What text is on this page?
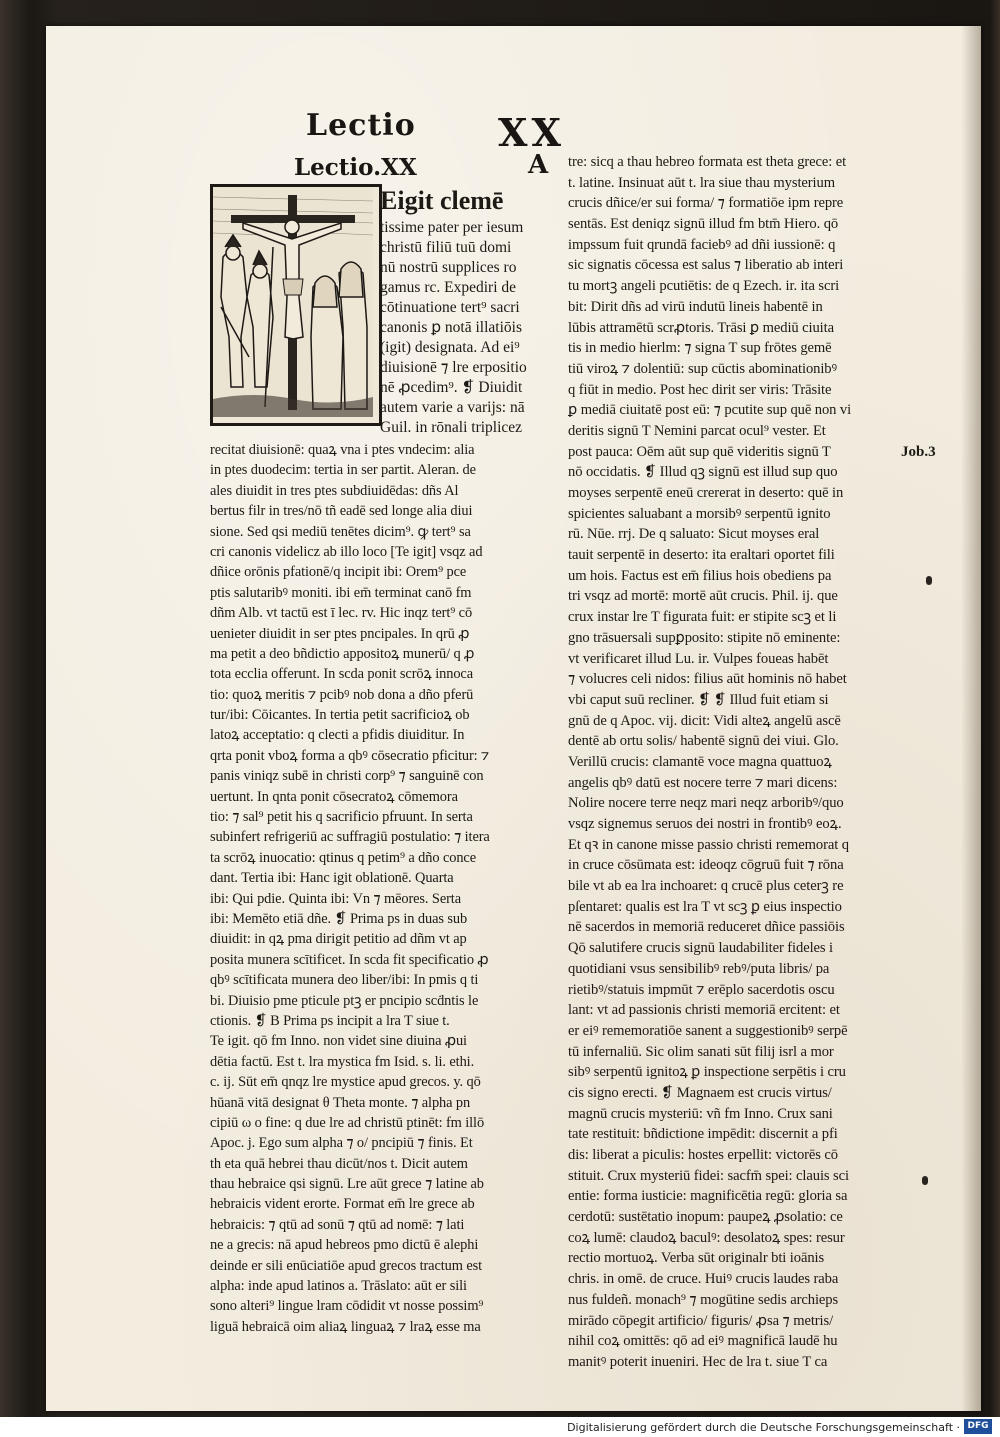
Lectio XX
Lectio.XX	A
Eigit clemē
tissime pater per iesum
christū filiū tuū domi
nū nostrū supplices ro
gamus rc. Expediri de
cōtinuatione tert⁹ sacri
canonis ꝑ notā illatiōis
(igit) designata. Ad ei⁹
diuisionē ⁊ lre erpositio
nē ꝓcedim⁹. ❡ Diuidit
autem varie a varijs: nā
Guil. in rōnali triplicez
recitat diuisionē: quaꝝ vna i ptes vndecim: alia
in ptes duodecim: tertia in ser partit. Aleran. de
ales diuidit in tres ptes subdiuidēdas: dñs Al
bertus filr in tres/nō tñ eadē sed longe alia diui
sione. Sed qsi mediū tenētes dicim⁹. ꝙ tert⁹ sa
cri canonis videlicz ab illo loco [Te igit] vsqz ad
dñice orōnis pfationē/q incipit ibi: Orem⁹ pce
ptis salutaribꝰ moniti. ibi em̄ terminat canō fm
dñm Alb. vt tactū est ī lec. rv. Hic inqz tert⁹ cō
uenieter diuidit in ser ptes pncipales. In qrū ꝓ
ma petit a deo bñdictio appositoꝝ munerū/ q ꝓ
tota ecclia offerunt. In scda ponit scrōꝝ innoca
tio: quoꝝ meritis ⁊ pcibꝰ nob dona a dño pferū
tur/ibi: Cōicantes. In tertia petit sacrificioꝝ ob
latoꝝ acceptatio: q clecti a pfidis diuiditur. In
qrta ponit vboꝝ forma a qbꝰ cōsecratio pficitur: ⁊
panis viniqz subē in christi corp⁹ ⁊ sanguinē con
uertunt. In qnta ponit cōsecratoꝝ cōmemora
tio: ⁊ sal⁹ petit his q sacrificio pfruunt. In serta
subinfert refrigeriū ac suffragiū postulatio: ⁊ itera
ta scrōꝝ inuocatio: qtinus q petim⁹ a dño conce
dant. Tertia ibi: Hanc igit oblationē. Quarta
ibi: Qui pdie. Quinta ibi: Vn ⁊ mēores. Serta
ibi: Memēto etiā dñe. ❡ Prima ps in duas sub
diuidit: in qꝝ pma dirigit petitio ad dñm vt ap
posita munera scītificet. In scda fit specificatio ꝓ
qbꝰ scītificata munera deo liber/ibi: In pmis q ti
bi. Diuisio pme pticule ptꝫ er pncipio scḋntis le
ctionis. ❡ B Prima ps incipit a lra T siue t.
Te igit. qō fm Inno. non videt sine diuina ꝓui
dētia factū. Est t. lra mystica fm Isid. s. li. ethi.
c. ij. Sūt em̄ qnqz lre mystice apud grecos. y. qō
hūanā vitā designat θ Theta monte. ⁊ alpha pn
cipiū ω o fine: q due lre ad christū ptinēt: fm illō
Apoc. j. Ego sum alpha ⁊ o/ pncipiū ⁊ finis. Et
th eta quā hebrei thau dicūt/nos t. Dicit autem
thau hebraice qsi signū. Lre aūt grece ⁊ latine ab
hebraicis vident erorte. Format em̄ lre grece ab
hebraicis: ⁊ qtū ad sonū ⁊ qtū ad nomē: ⁊ lati
ne a grecis: nā apud hebreos pmo dictū ē alephi
deinde er sili enūciatiōe apud grecos tractum est
alpha: inde apud latinos a. Trāslato: aūt er sili
sono alteri⁹ lingue lram cōdidit vt nosse possim⁹
liguā hebraicā oim aliaꝝ linguaꝝ ⁊ lraꝝ esse ma
tre: sicq a thau hebreo formata est theta grece: et
t. latine. Insinuat aūt t. lra siue thau mysterium
crucis dñice/er sui forma/ ⁊ formatiōe ipm repre
sentās. Est deniqz signū illud fm btm̄ Hiero. qō
impssum fuit qrundā faciebꝰ ad dñi iussionē: q
sic signatis cōcessa est salus ⁊ liberatio ab interi
tu mortꝫ angeli pcutiētis: de q Ezech. ir. ita scri
bit: Dirit dñs ad virū indutū lineis habentē in
lūbis attramētū scrꝓtoris. Trāsi ꝑ mediū ciuita
tis in medio hierlm: ⁊ signa T sup frōtes gemē
tiū viroꝝ ⁊ dolentiū: sup cūctis abominationibꝰ
q fiūt in medio. Post hec dirit ser viris: Trāsite
ꝑ mediā ciuitatē post eū: ⁊ pcutite sup quē non vi
deritis signū T Nemini parcat ocul⁹ vester. Et
post pauca: Oēm aūt sup quē videritis signū T
nō occidatis. ❡ Illud qꝫ signū est illud sup quo
moyses serpentē eneū crererat in deserto: quē in
spicientes saluabant a morsibꝰ serpentū ignito
rū. Nūe. rrj. De q saluato: Sicut moyses eral
tauit serpentē in deserto: ita eraltari oportet fili
um hois. Factus est em̄ filius hois obediens pa
tri vsqz ad mortē: mortē aūt crucis. Phil. ij. que
crux instar lre T figurata fuit: er stipite scꝫ et li
gno trāsuersali supꝑposito: stipite nō eminente:
vt verificaret illud Lu. ir. Vulpes foueas habēt
⁊ volucres celi nidos: filius aūt hominis nō habet
vbi caput suū recliner. ❡ ❡ Illud fuit etiam si
gnū de q Apoc. vij. dicit: Vidi alteꝝ angelū ascē
dentē ab ortu solis/ habentē signū dei viui. Glo.
Verillū crucis: clamantē voce magna quattuoꝝ
angelis qbꝰ datū est nocere terre ⁊ mari dicens:
Nolire nocere terre neqz mari neqz arboribꝰ/quo
vsqz signemus seruos dei nostri in frontibꝰ eoꝝ.
Et qꝛ in canone misse passio christi rememorat q
in cruce cōsūmata est: ideoqz cōgruū fuit ⁊ rōna
bile vt ab ea lra inchoaret: q crucē plus ceterꝫ re
pſentaret: qualis est lra T vt scꝫ ꝑ eius inspectio
nē sacerdos in memoriā reduceret dñice passiōis
Qō salutifere crucis signū laudabiliter fideles i
quotidiani vsus sensibilibꝰ rebꝰ/puta libris/ pa
rietibꝰ/statuis impmūt ⁊ erēplo sacerdotis oscu
lant: vt ad passionis christi memoriā ercitent: et
er eiꝰ rememoratiōe sanent a suggestionibꝰ serpē
tū infernaliū. Sic olim sanati sūt filij isrl a mor
sibꝰ serpentū ignitoꝝ ꝑ inspectione serpētis i cru
cis signo erecti. ❡ Magnaem est crucis virtus/
magnū crucis mysteriū: vñ fm Inno. Crux sani
tate restituit: bñdictione impēdit: discernit a pfi
dis: liberat a piculis: hostes erpellit: victorēs cō
stituit. Crux mysteriū fidei: sacfm̄ spei: clauis sci
entie: forma iusticie: magnificētia regū: gloria sa
cerdotū: sustētatio inopum: paupeꝝ ꝓsolatio: ce
coꝝ lumē: claudoꝝ baculꝰ: desolatoꝝ spes: resur
rectio mortuoꝝ. Verba sūt originalr bti ioānis
chris. in omē. de cruce. Huiꝰ crucis laudes raba
nus fuldeñ. monach⁹ ⁊ mogūtine sedis archieps
mirādo cōpegit artificio/ figuris/ ꝓsa ⁊ metris/
nihil coꝝ omittēs: qō ad eiꝰ magnificā laudē hu
manitꝰ poterit inueniri. Hec de lra t. siue T ca
Job.3
Digitalisierung gefördert durch die Deutsche Forschungsgemeinschaft · DFG
